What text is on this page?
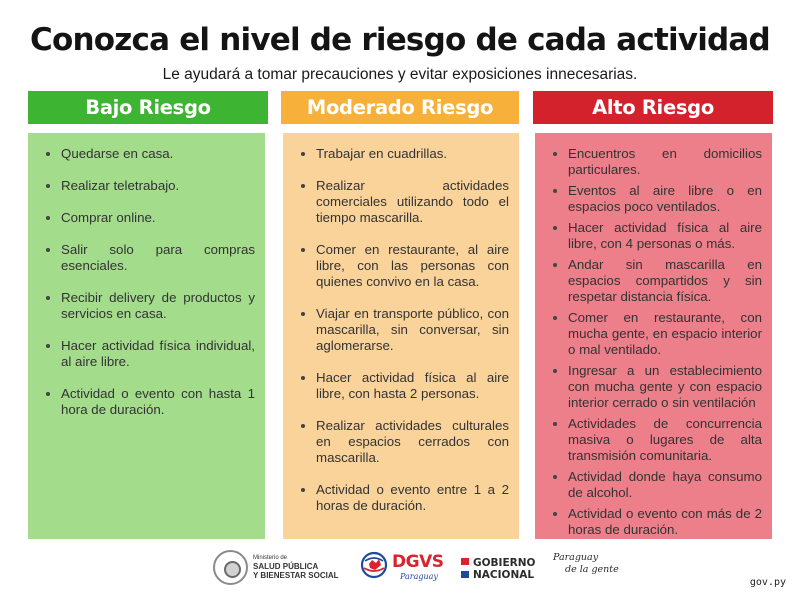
Conozca el nivel de riesgo de cada actividad
Le ayudará a tomar precauciones y evitar exposiciones innecesarias.
Bajo Riesgo	Moderado Riesgo	Alto Riesgo
Quedarse en casa.
Realizar teletrabajo.
Comprar online.
Salir solo para compras esenciales.
Recibir delivery de productos y servicios en casa.
Hacer actividad física individual, al aire libre.
Actividad o evento con hasta 1 hora de duración.
Trabajar en cuadrillas.
Realizar actividades comerciales utilizando todo el tiempo mascarilla.
Comer en restaurante, al aire libre, con las personas con quienes convivo en la casa.
Viajar en transporte público, con mascarilla, sin conversar, sin aglomerarse.
Hacer actividad física al aire libre, con hasta 2 personas.
Realizar actividades culturales en espacios cerrados con mascarilla.
Actividad o evento entre 1 a 2 horas de duración.
Encuentros en domicilios particulares.
Eventos al aire libre o en espacios poco ventilados.
Hacer actividad física al aire libre, con 4 personas o más.
Andar sin mascarilla en espacios compartidos y sin respetar distancia física.
Comer en restaurante, con mucha gente, en espacio interior o mal ventilado.
Ingresar a un establecimiento con mucha gente y con espacio interior cerrado o sin ventilación
Actividades de concurrencia masiva o lugares de alta transmisión comunitaria.
Actividad donde haya consumo de alcohol.
Actividad o evento con más de 2 horas de duración.
Ministerio de
SALUD PÚBLICA
Y BIENESTAR SOCIAL
DGVS
Paraguay
GOBIERNO
NACIONAL
Paraguay
de la gente
gov.py
